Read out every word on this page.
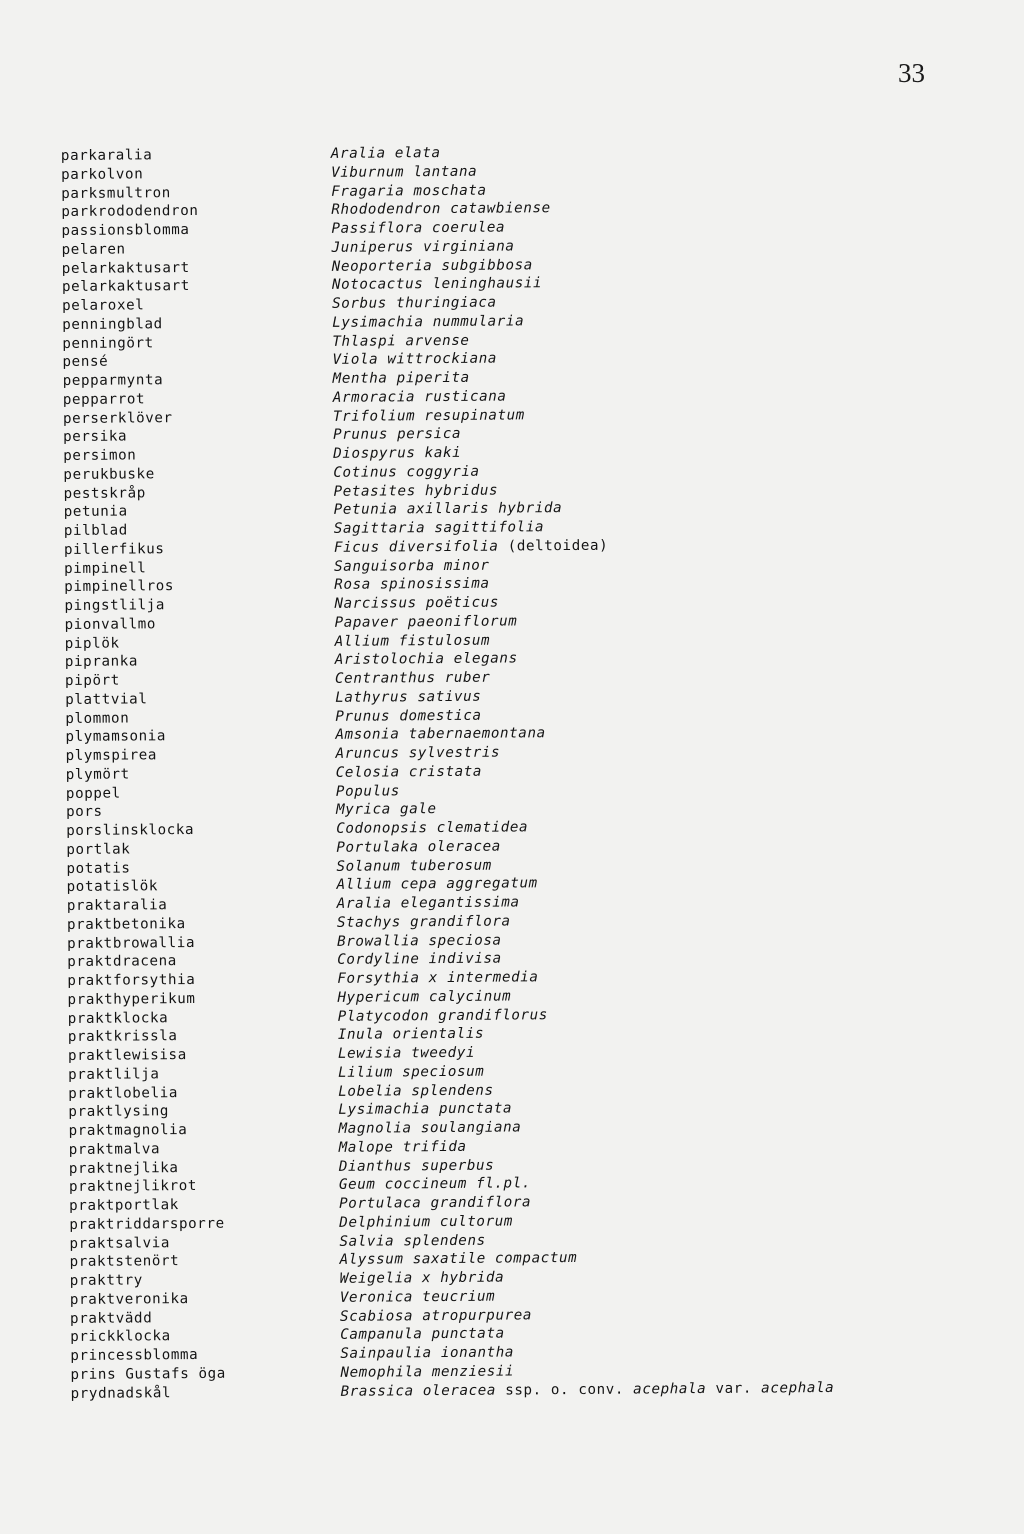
33
parkaralia	Aralia elata
parkolvon	Viburnum lantana
parksmultron	Fragaria moschata
parkrododendron	Rhododendron catawbiense
passionsblomma	Passiflora coerulea
pelaren	Juniperus virginiana
pelarkaktusart	Neoporteria subgibbosa
pelarkaktusart	Notocactus leninghausii
pelaroxel	Sorbus thuringiaca
penningblad	Lysimachia nummularia
penningört	Thlaspi arvense
pensé	Viola wittrockiana
pepparmynta	Mentha piperita
pepparrot	Armoracia rusticana
perserklöver	Trifolium resupinatum
persika	Prunus persica
persimon	Diospyrus kaki
perukbuske	Cotinus coggyria
pestskråp	Petasites hybridus
petunia	Petunia axillaris hybrida
pilblad	Sagittaria sagittifolia
pillerfikus	Ficus diversifolia (deltoidea)
pimpinell	Sanguisorba minor
pimpinellros	Rosa spinosissima
pingstlilja	Narcissus poëticus
pionvallmo	Papaver paeoniflorum
piplök	Allium fistulosum
pipranka	Aristolochia elegans
pipört	Centranthus ruber
plattvial	Lathyrus sativus
plommon	Prunus domestica
plymamsonia	Amsonia tabernaemontana
plymspirea	Aruncus sylvestris
plymört	Celosia cristata
poppel	Populus
pors	Myrica gale
porslinsklocka	Codonopsis clematidea
portlak	Portulaka oleracea
potatis	Solanum tuberosum
potatislök	Allium cepa aggregatum
praktaralia	Aralia elegantissima
praktbetonika	Stachys grandiflora
praktbrowallia	Browallia speciosa
praktdracena	Cordyline indivisa
praktforsythia	Forsythia x intermedia
prakthyperikum	Hypericum calycinum
praktklocka	Platycodon grandiflorus
praktkrissla	Inula orientalis
praktlewisisa	Lewisia tweedyi
praktlilja	Lilium speciosum
praktlobelia	Lobelia splendens
praktlysing	Lysimachia punctata
praktmagnolia	Magnolia soulangiana
praktmalva	Malope trifida
praktnejlika	Dianthus superbus
praktnejlikrot	Geum coccineum fl.pl.
praktportlak	Portulaca grandiflora
praktriddarsporre	Delphinium cultorum
praktsalvia	Salvia splendens
praktstenört	Alyssum saxatile compactum
prakttry	Weigelia x hybrida
praktveronika	Veronica teucrium
praktvädd	Scabiosa atropurpurea
prickklocka	Campanula punctata
princessblomma	Sainpaulia ionantha
prins Gustafs öga	Nemophila menziesii
prydnadskål	Brassica oleracea ssp. o. conv. acephala var. acephala
